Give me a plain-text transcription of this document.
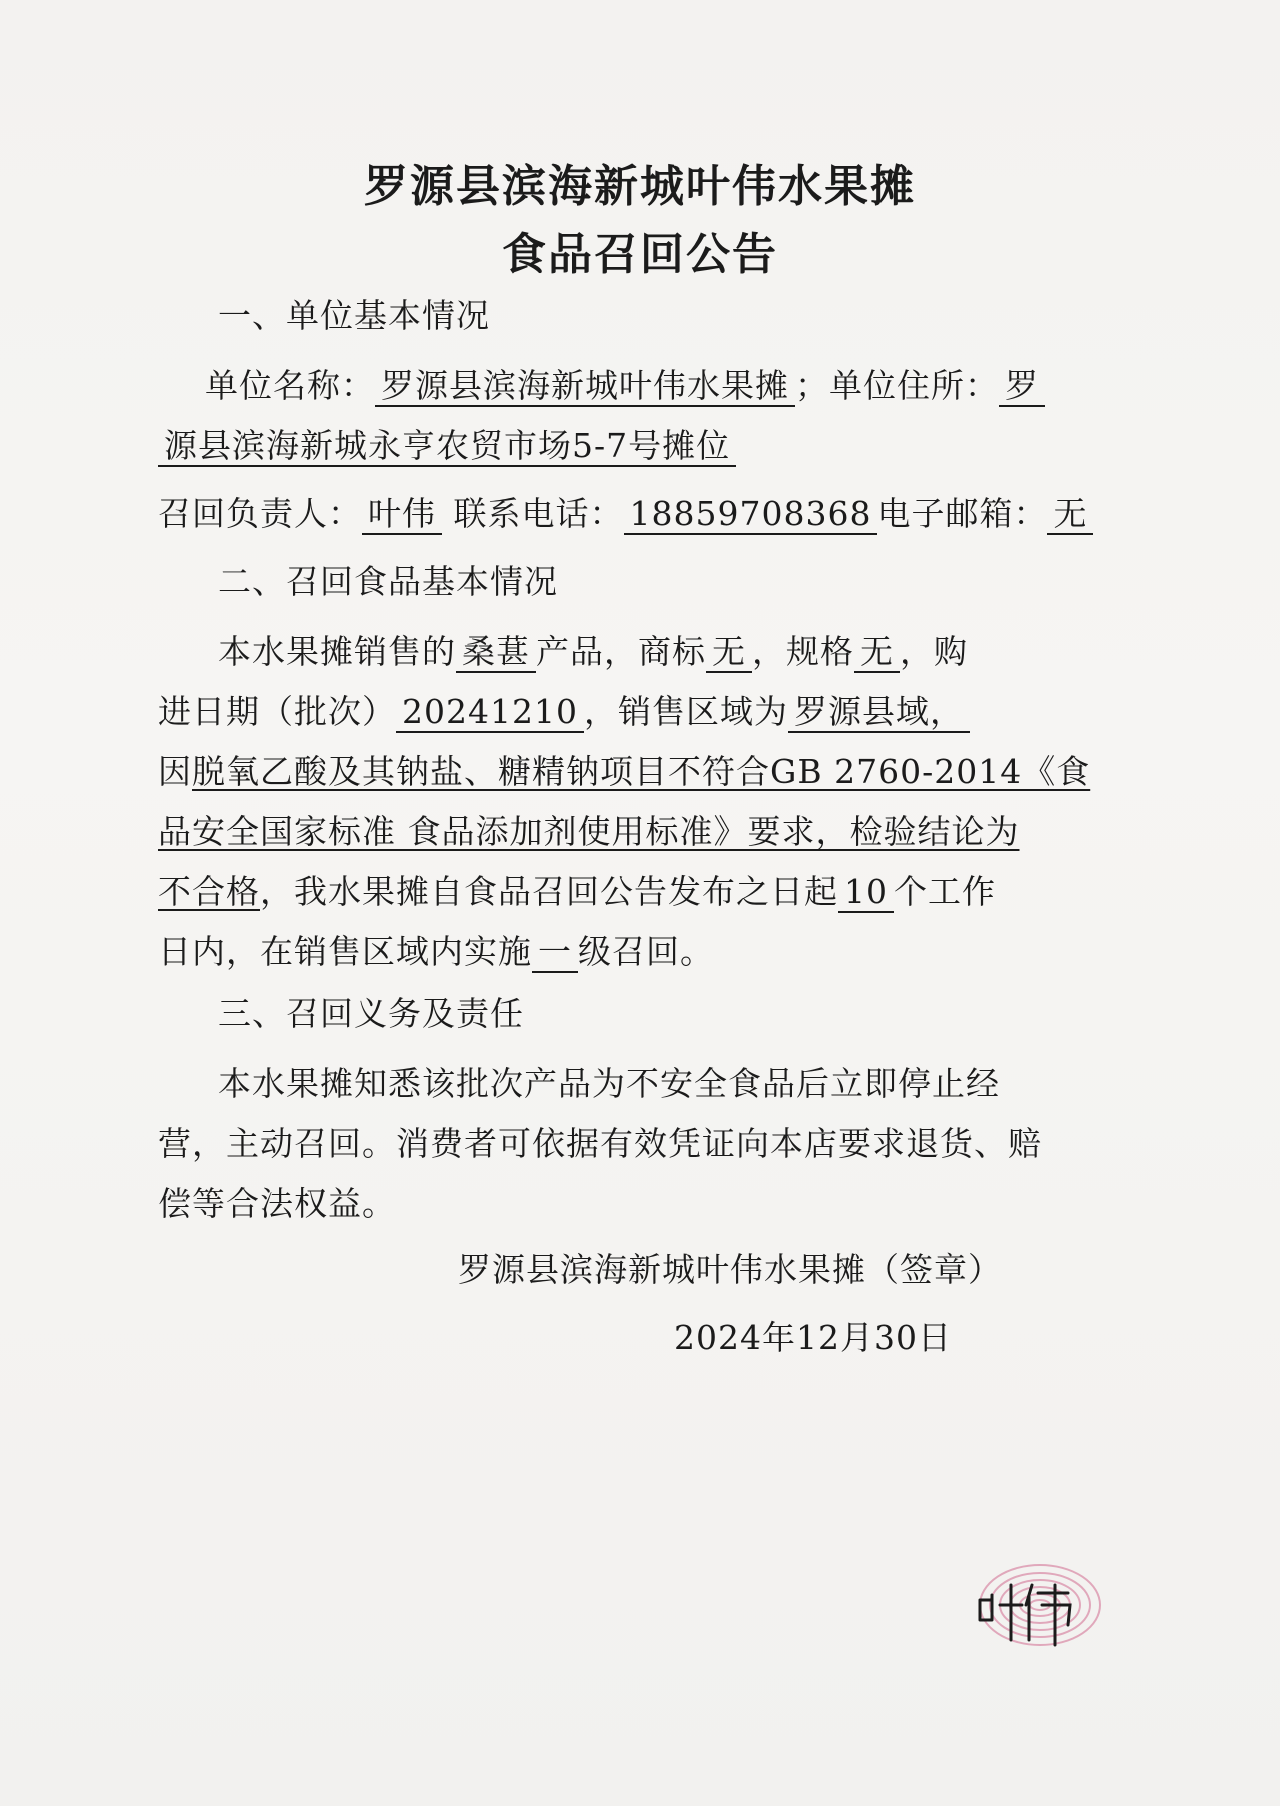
罗源县滨海新城叶伟水果摊
食品召回公告
一、单位基本情况
单位名称： 罗源县滨海新城叶伟水果摊 ；单位住所： 罗
源县滨海新城永亨农贸市场5-7号摊位
召回负责人： 叶伟 联系电话： 18859708368 电子邮箱： 无
二、召回食品基本情况
本水果摊销售的 桑葚 产品，商标 无 ，规格 无 ，购
进日期（批次） 20241210 ，销售区域为 罗源县域，
因脱氧乙酸及其钠盐、糖精钠项目不符合GB 2760-2014《食
品安全国家标准 食品添加剂使用标准》要求，检验结论为
不合格，我水果摊自食品召回公告发布之日起 10 个工作
日内，在销售区域内实施 一 级召回。
三、召回义务及责任
本水果摊知悉该批次产品为不安全食品后立即停止经
营，主动召回。消费者可依据有效凭证向本店要求退货、赔
偿等合法权益。
罗源县滨海新城叶伟水果摊（签章）
2024年12月30日
